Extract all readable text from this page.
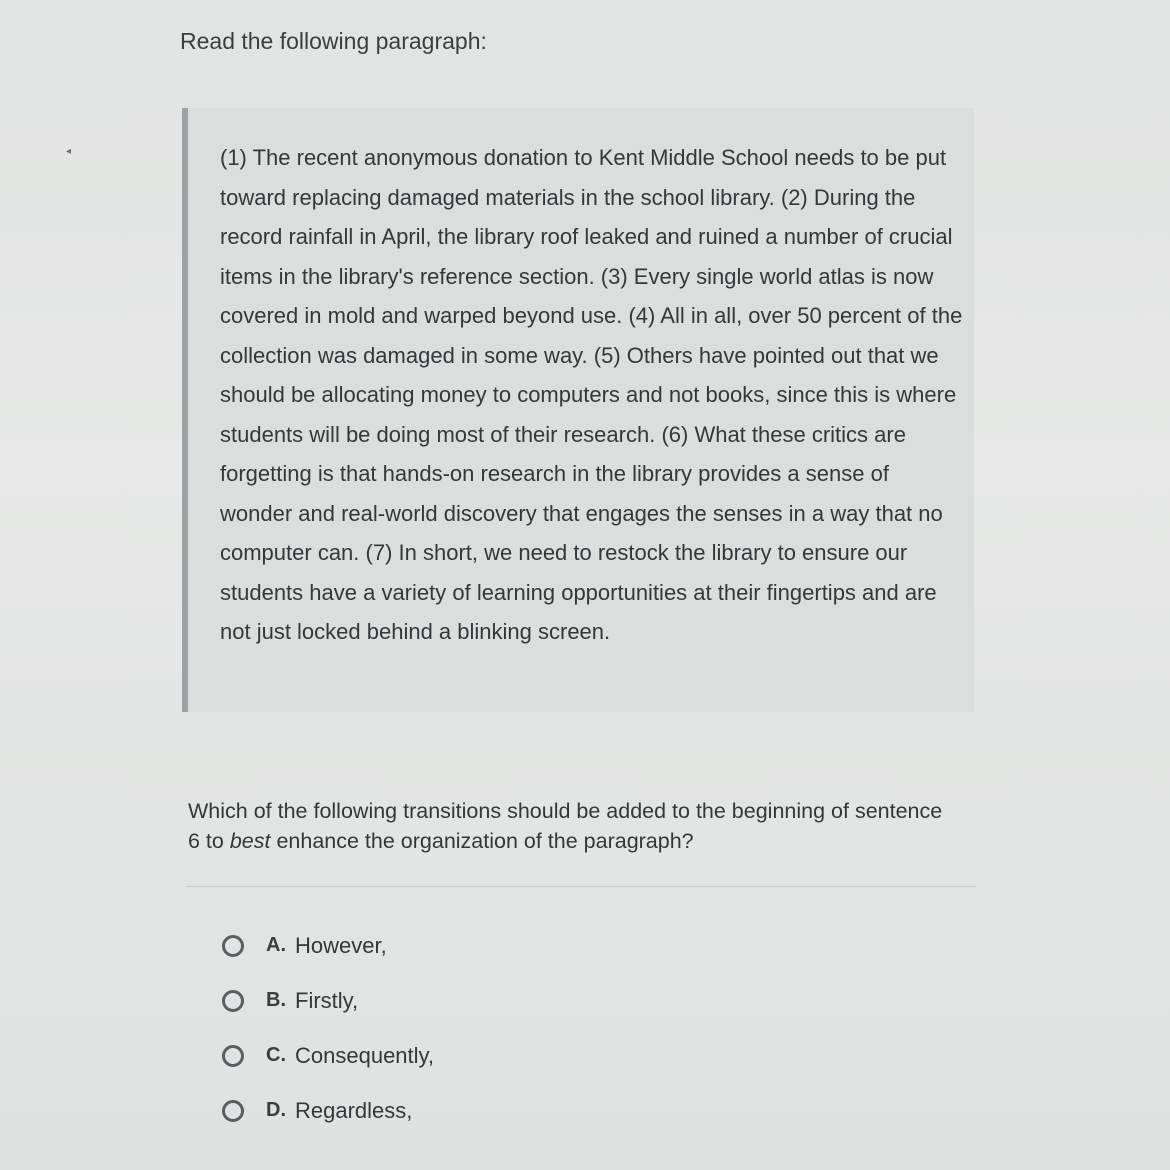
◂
Read the following paragraph:

(1) The recent anonymous donation to Kent Middle School needs to be put toward replacing damaged materials in the school library. (2) During the record rainfall in April, the library roof leaked and ruined a number of crucial items in the library's reference section. (3) Every single world atlas is now covered in mold and warped beyond use. (4) All in all, over 50 percent of the collection was damaged in some way. (5) Others have pointed out that we should be allocating money to computers and not books, since this is where students will be doing most of their research. (6) What these critics are forgetting is that hands-on research in the library provides a sense of wonder and real-world discovery that engages the senses in a way that no computer can. (7) In short, we need to restock the library to ensure our students have a variety of learning opportunities at their fingertips and are not just locked behind a blinking screen.

Which of the following transitions should be added to the beginning of sentence 6 to best enhance the organization of the paragraph?

A. However,
B. Firstly,
C. Consequently,
D. Regardless,
